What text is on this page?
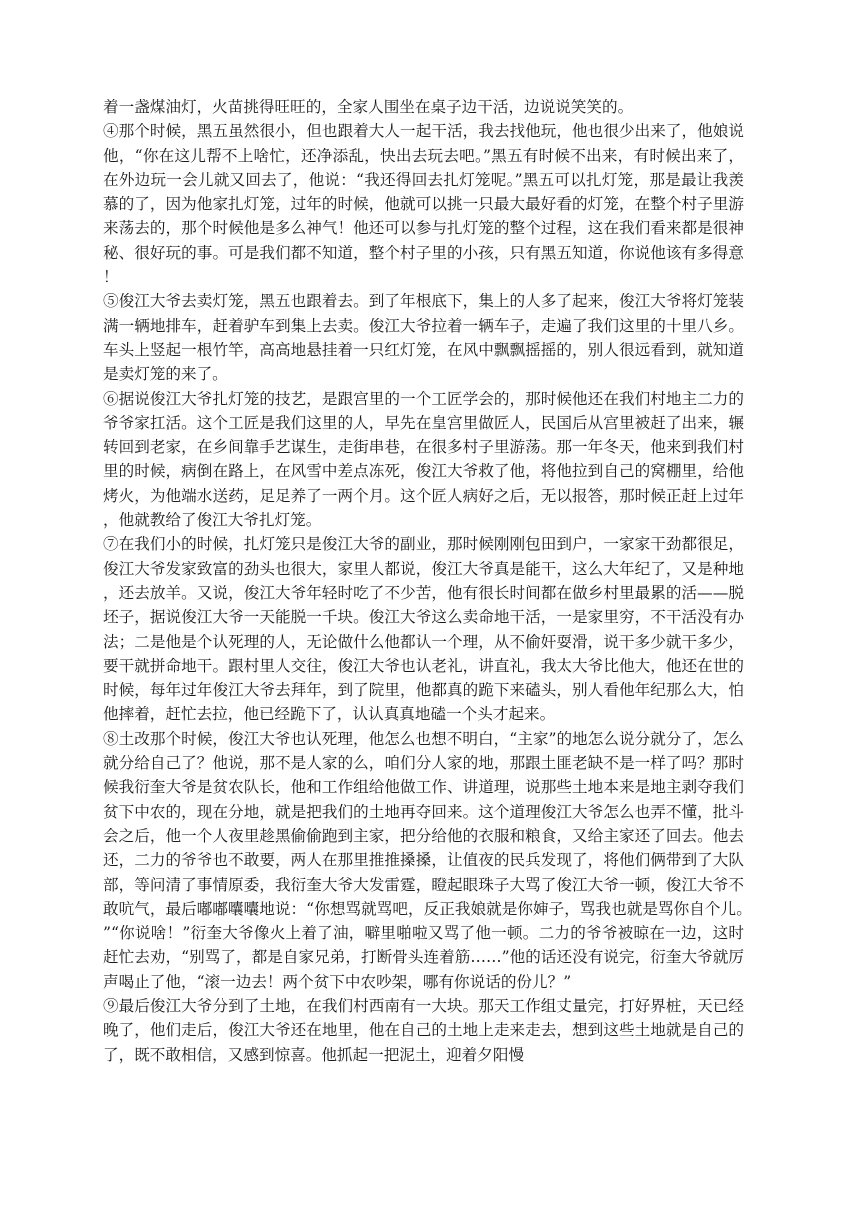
着一盏煤油灯，火苗挑得旺旺的，全家人围坐在桌子边干活，边说说笑笑的。

④那个时候，黑五虽然很小，但也跟着大人一起干活，我去找他玩，他也很少出来了，他娘说他，“你在这儿帮不上啥忙，还净添乱，快出去玩去吧。”黑五有时候不出来，有时候出来了，在外边玩一会儿就又回去了，他说：“我还得回去扎灯笼呢。”黑五可以扎灯笼，那是最让我羡慕的了，因为他家扎灯笼，过年的时候，他就可以挑一只最大最好看的灯笼，在整个村子里游来荡去的，那个时候他是多么神气！他还可以参与扎灯笼的整个过程，这在我们看来都是很神秘、很好玩的事。可是我们都不知道，整个村子里的小孩，只有黑五知道，你说他该有多得意！

⑤俊江大爷去卖灯笼，黑五也跟着去。到了年根底下，集上的人多了起来，俊江大爷将灯笼装满一辆地排车，赶着驴车到集上去卖。俊江大爷拉着一辆车子，走遍了我们这里的十里八乡。车头上竖起一根竹竿，高高地悬挂着一只红灯笼，在风中飘飘摇摇的，别人很远看到，就知道是卖灯笼的来了。

⑥据说俊江大爷扎灯笼的技艺，是跟宫里的一个工匠学会的，那时候他还在我们村地主二力的爷爷家扛活。这个工匠是我们这里的人，早先在皇宫里做匠人，民国后从宫里被赶了出来，辗转回到老家，在乡间靠手艺谋生，走街串巷，在很多村子里游荡。那一年冬天，他来到我们村里的时候，病倒在路上，在风雪中差点冻死，俊江大爷救了他，将他拉到自己的窝棚里，给他烤火，为他端水送药，足足养了一两个月。这个匠人病好之后，无以报答，那时候正赶上过年，他就教给了俊江大爷扎灯笼。

⑦在我们小的时候，扎灯笼只是俊江大爷的副业，那时候刚刚包田到户，一家家干劲都很足，俊江大爷发家致富的劲头也很大，家里人都说，俊江大爷真是能干，这么大年纪了，又是种地，还去放羊。又说，俊江大爷年轻时吃了不少苦，他有很长时间都在做乡村里最累的活——脱坯子，据说俊江大爷一天能脱一千块。俊江大爷这么卖命地干活，一是家里穷，不干活没有办法；二是他是个认死理的人，无论做什么他都认一个理，从不偷奸耍滑，说干多少就干多少，要干就拼命地干。跟村里人交往，俊江大爷也认老礼，讲直礼，我太大爷比他大，他还在世的时候，每年过年俊江大爷去拜年，到了院里，他都真的跪下来磕头，别人看他年纪那么大，怕他摔着，赶忙去拉，他已经跪下了，认认真真地磕一个头才起来。

⑧土改那个时候，俊江大爷也认死理，他怎么也想不明白，“主家”的地怎么说分就分了，怎么就分给自己了？他说，那不是人家的么，咱们分人家的地，那跟土匪老缺不是一样了吗？那时候我衍奎大爷是贫农队长，他和工作组给他做工作、讲道理，说那些土地本来是地主剥夺我们贫下中农的，现在分地，就是把我们的土地再夺回来。这个道理俊江大爷怎么也弄不懂，批斗会之后，他一个人夜里趁黑偷偷跑到主家，把分给他的衣服和粮食，又给主家还了回去。他去还，二力的爷爷也不敢要，两人在那里推推搡搡，让值夜的民兵发现了，将他们俩带到了大队部，等问清了事情原委，我衍奎大爷大发雷霆，瞪起眼珠子大骂了俊江大爷一顿，俊江大爷不敢吭气，最后嘟嘟囔囔地说：“你想骂就骂吧，反正我娘就是你婶子，骂我也就是骂你自个儿。”“你说啥！”衍奎大爷像火上着了油，噼里啪啦又骂了他一顿。二力的爷爷被晾在一边，这时赶忙去劝，“别骂了，都是自家兄弟，打断骨头连着筋……”他的话还没有说完，衍奎大爷就厉声喝止了他，“滚一边去！两个贫下中农吵架，哪有你说话的份儿？”

⑨最后俊江大爷分到了土地，在我们村西南有一大块。那天工作组丈量完，打好界桩，天已经晚了，他们走后，俊江大爷还在地里，他在自己的土地上走来走去，想到这些土地就是自己的了，既不敢相信，又感到惊喜。他抓起一把泥土，迎着夕阳慢
